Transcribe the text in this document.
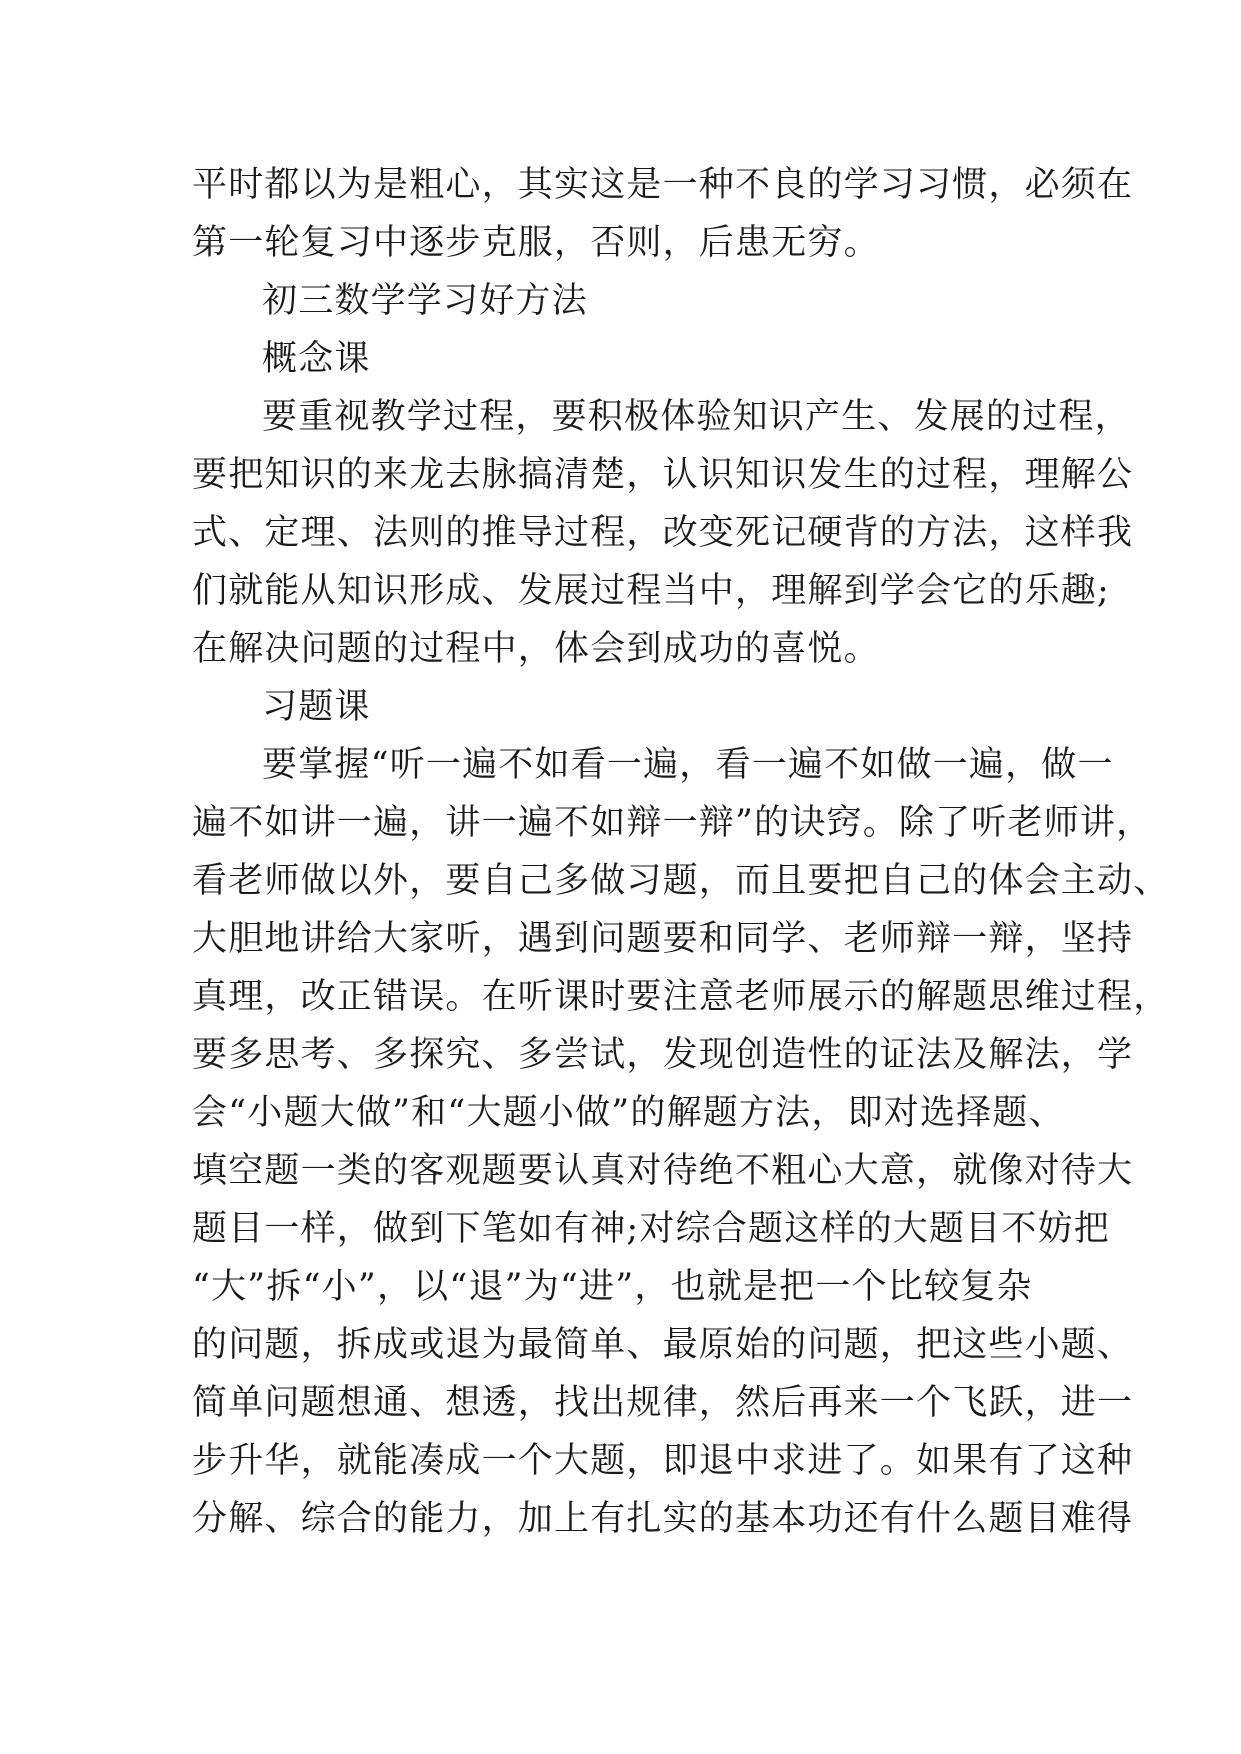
平时都以为是粗心，其实这是一种不良的学习习惯，必须在
第一轮复习中逐步克服，否则，后患无穷。
初三数学学习好方法
概念课
要重视教学过程，要积极体验知识产生、发展的过程，
要把知识的来龙去脉搞清楚，认识知识发生的过程，理解公
式、定理、法则的推导过程，改变死记硬背的方法，这样我
们就能从知识形成、发展过程当中，理解到学会它的乐趣;
在解决问题的过程中，体会到成功的喜悦。
习题课
要掌握“听一遍不如看一遍，看一遍不如做一遍，做一
遍不如讲一遍，讲一遍不如辩一辩”的诀窍。除了听老师讲，
看老师做以外，要自己多做习题，而且要把自己的体会主动、
大胆地讲给大家听，遇到问题要和同学、老师辩一辩，坚持
真理，改正错误。在听课时要注意老师展示的解题思维过程，
要多思考、多探究、多尝试，发现创造性的证法及解法，学
会“小题大做”和“大题小做”的解题方法，即对选择题、
填空题一类的客观题要认真对待绝不粗心大意，就像对待大
题目一样，做到下笔如有神;对综合题这样的大题目不妨把
“大”拆“小”，以“退”为“进”，也就是把一个比较复杂
的问题，拆成或退为最简单、最原始的问题，把这些小题、
简单问题想通、想透，找出规律，然后再来一个飞跃，进一
步升华，就能凑成一个大题，即退中求进了。如果有了这种
分解、综合的能力，加上有扎实的基本功还有什么题目难得
